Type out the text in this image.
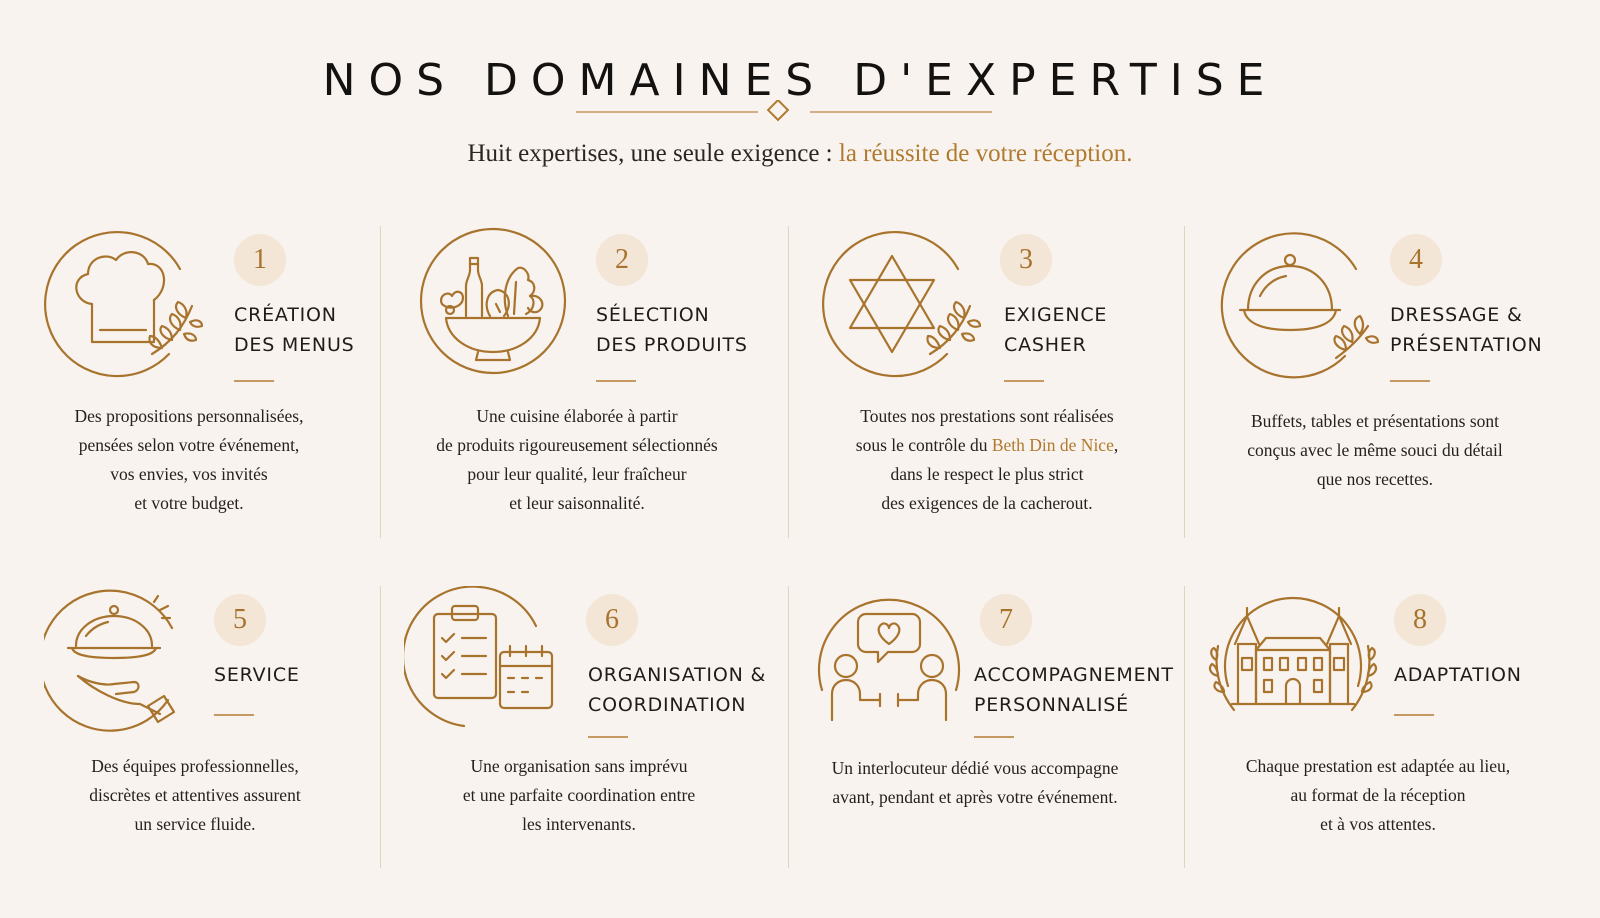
NOS DOMAINES D'EXPERTISE
Huit expertises, une seule exigence : la réussite de votre réception.
1
CRÉATION
DES MENUS
Des propositions personnalisées,
pensées selon votre événement,
vos envies, vos invités
et votre budget.
2
SÉLECTION
DES PRODUITS
Une cuisine élaborée à partir
de produits rigoureusement sélectionnés
pour leur qualité, leur fraîcheur
et leur saisonnalité.
3
EXIGENCE
CASHER
Toutes nos prestations sont réalisées
sous le contrôle du Beth Din de Nice,
dans le respect le plus strict
des exigences de la cacherout.
4
DRESSAGE &
PRÉSENTATION
Buffets, tables et présentations sont
conçus avec le même souci du détail
que nos recettes.
5
SERVICE
Des équipes professionnelles,
discrètes et attentives assurent
un service fluide.
6
ORGANISATION &
COORDINATION
Une organisation sans imprévu
et une parfaite coordination entre
les intervenants.
7
ACCOMPAGNEMENT
PERSONNALISÉ
Un interlocuteur dédié vous accompagne
avant, pendant et après votre événement.
8
ADAPTATION
Chaque prestation est adaptée au lieu,
au format de la réception
et à vos attentes.
